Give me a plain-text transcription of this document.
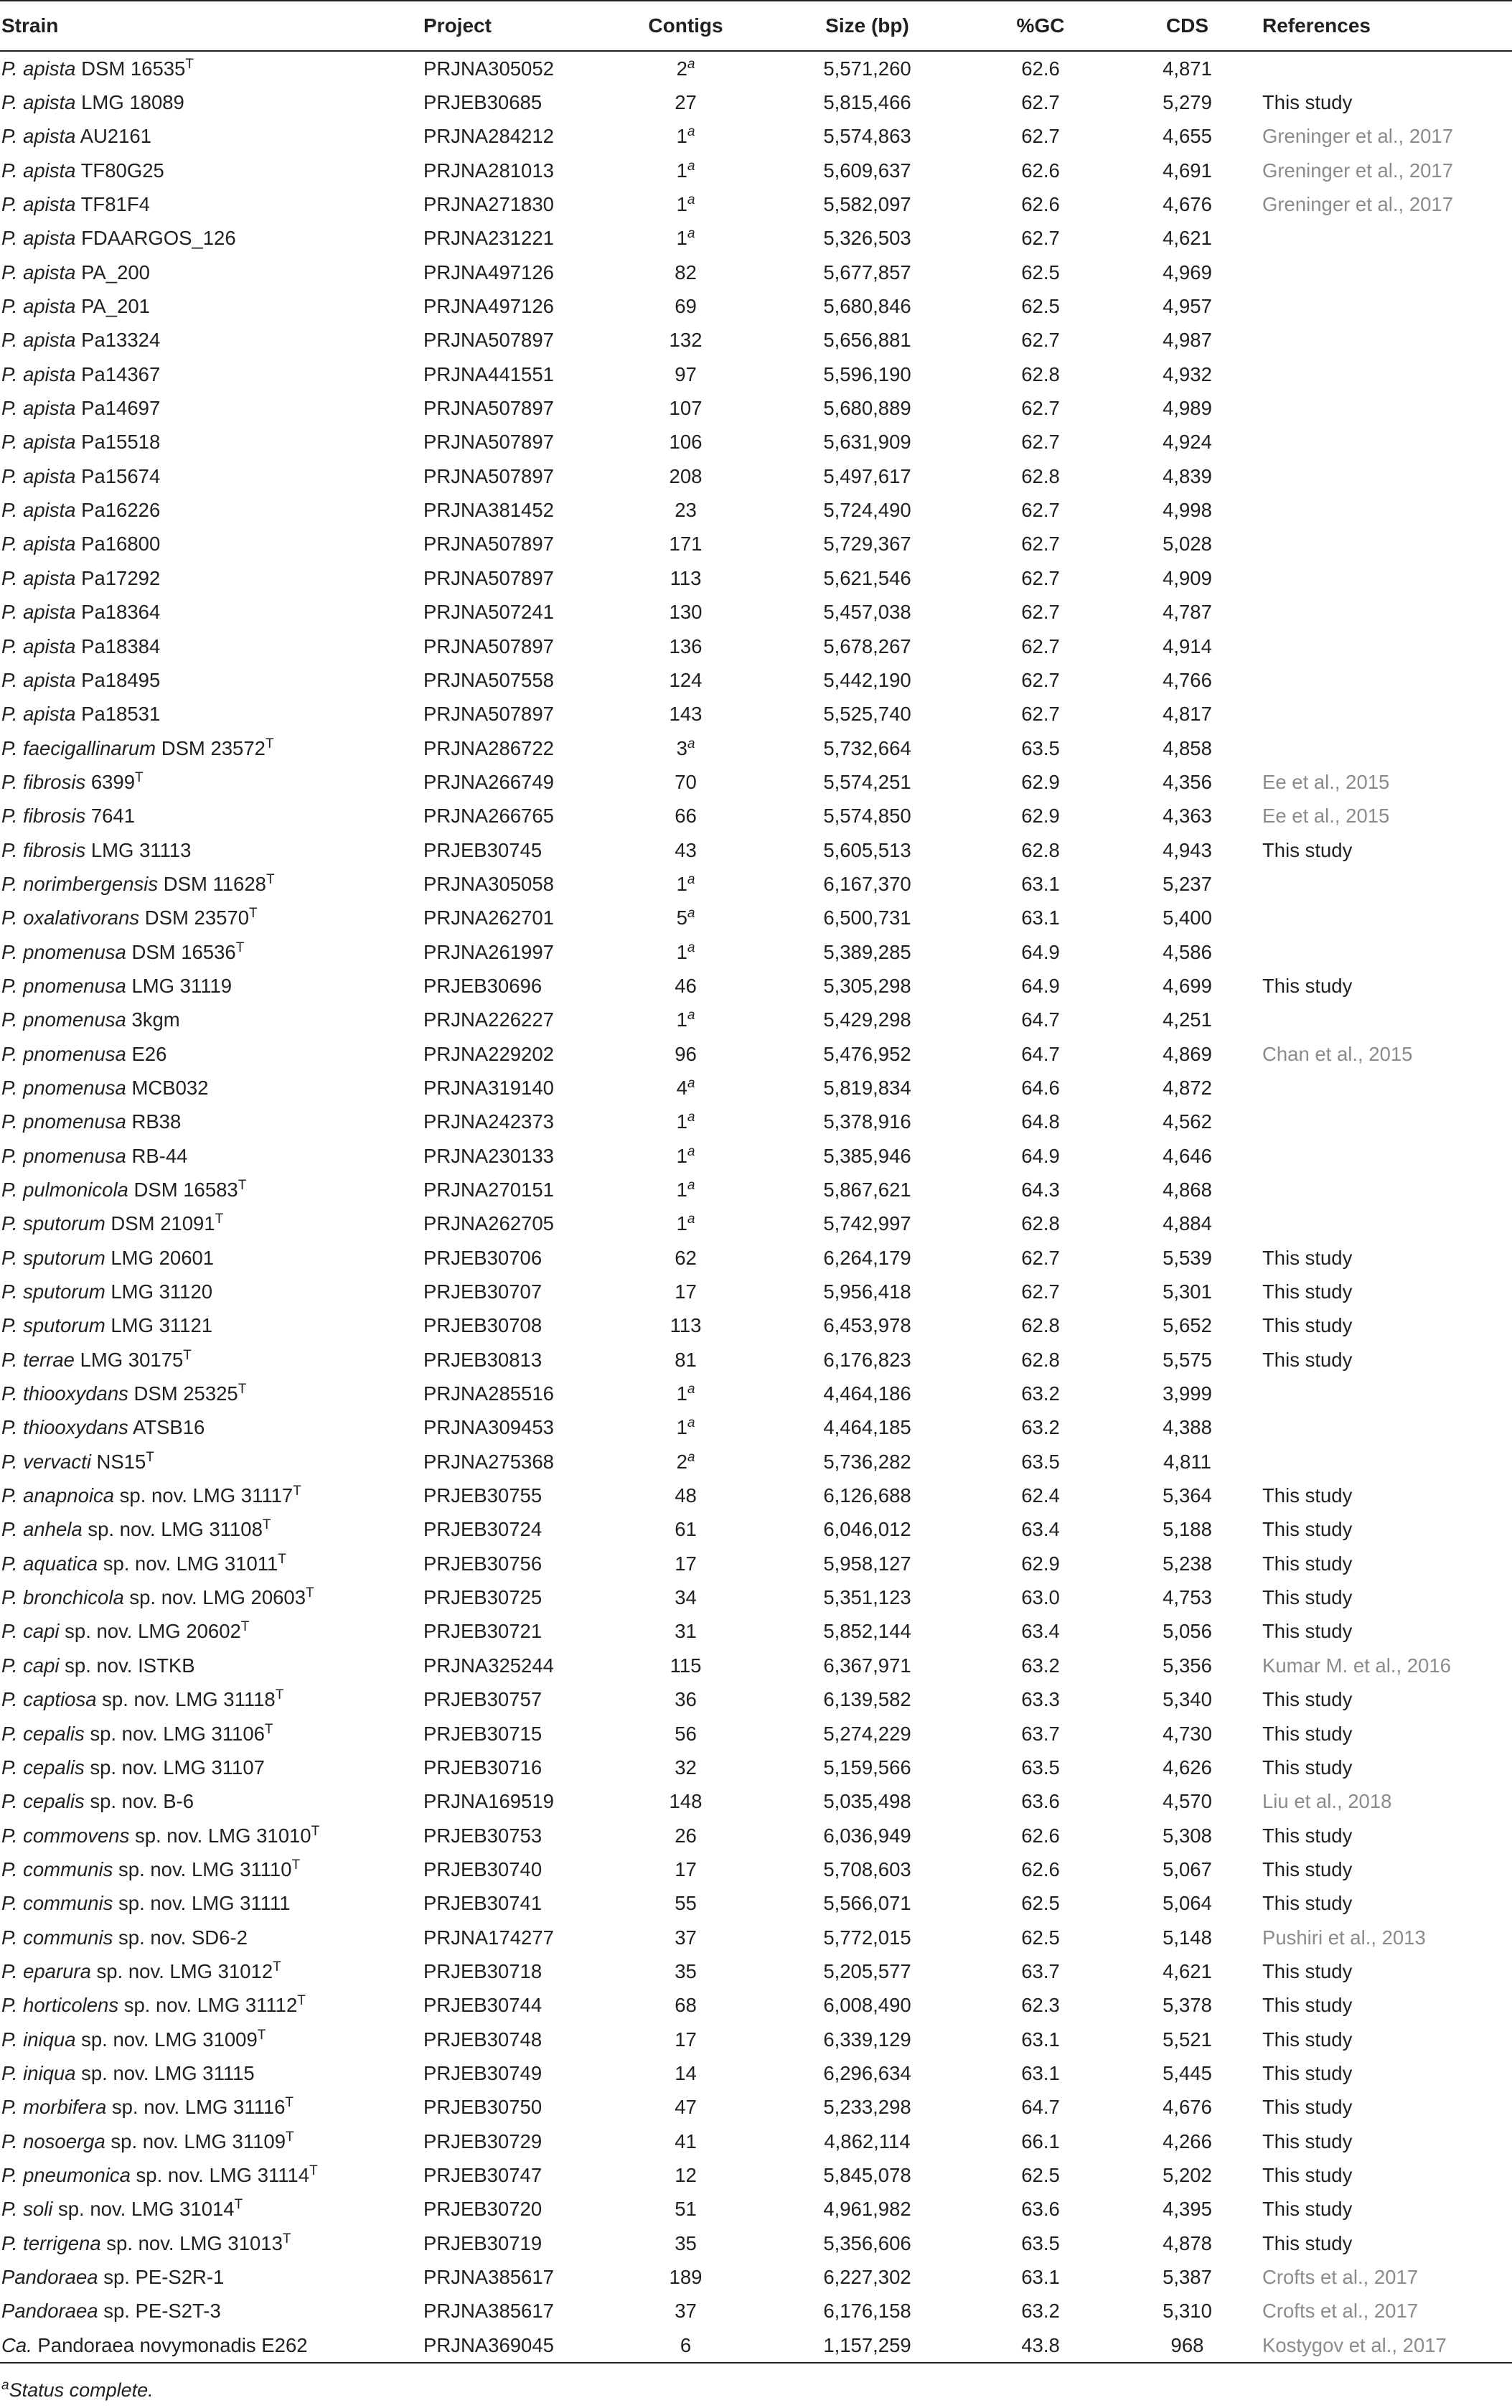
Strain	Project	Contigs	Size (bp)	%GC	CDS	References
P. apista DSM $16535^T$	PRJNA305052	2$^a$	5,571,260	62.6	4,871	
P. apista LMG 18089	PRJEB30685	27	5,815,466	62.7	5,279	This study
P. apista AU2161	PRJNA284212	1$^a$	5,574,863	62.7	4,655	Greninger et al., 2017
P. apista TF80G25	PRJNA281013	1$^a$	5,609,637	62.6	4,691	Greninger et al., 2017
P. apista TF81F4	PRJNA271830	1$^a$	5,582,097	62.6	4,676	Greninger et al., 2017
P. apista FDAARGOS_126	PRJNA231221	1$^a$	5,326,503	62.7	4,621	
P. apista PA_200	PRJNA497126	82	5,677,857	62.5	4,969	
P. apista PA_201	PRJNA497126	69	5,680,846	62.5	4,957	
P. apista Pa13324	PRJNA507897	132	5,656,881	62.7	4,987	
P. apista Pa14367	PRJNA441551	97	5,596,190	62.8	4,932	
P. apista Pa14697	PRJNA507897	107	5,680,889	62.7	4,989	
P. apista Pa15518	PRJNA507897	106	5,631,909	62.7	4,924	
P. apista Pa15674	PRJNA507897	208	5,497,617	62.8	4,839	
P. apista Pa16226	PRJNA381452	23	5,724,490	62.7	4,998	
P. apista Pa16800	PRJNA507897	171	5,729,367	62.7	5,028	
P. apista Pa17292	PRJNA507897	113	5,621,546	62.7	4,909	
P. apista Pa18364	PRJNA507241	130	5,457,038	62.7	4,787	
P. apista Pa18384	PRJNA507897	136	5,678,267	62.7	4,914	
P. apista Pa18495	PRJNA507558	124	5,442,190	62.7	4,766	
P. apista Pa18531	PRJNA507897	143	5,525,740	62.7	4,817	
P. faecigallinarum DSM $23572^T$	PRJNA286722	3$^a$	5,732,664	63.5	4,858	
P. fibrosis $6399^T$	PRJNA266749	70	5,574,251	62.9	4,356	Ee et al., 2015
P. fibrosis 7641	PRJNA266765	66	5,574,850	62.9	4,363	Ee et al., 2015
P. fibrosis LMG 31113	PRJEB30745	43	5,605,513	62.8	4,943	This study
P. norimbergensis DSM $11628^T$	PRJNA305058	1$^a$	6,167,370	63.1	5,237	
P. oxalativorans DSM $23570^T$	PRJNA262701	5$^a$	6,500,731	63.1	5,400	
P. pnomenusa DSM $16536^T$	PRJNA261997	1$^a$	5,389,285	64.9	4,586	
P. pnomenusa LMG 31119	PRJEB30696	46	5,305,298	64.9	4,699	This study
P. pnomenusa 3kgm	PRJNA226227	1$^a$	5,429,298	64.7	4,251	
P. pnomenusa E26	PRJNA229202	96	5,476,952	64.7	4,869	Chan et al., 2015
P. pnomenusa MCB032	PRJNA319140	4$^a$	5,819,834	64.6	4,872	
P. pnomenusa RB38	PRJNA242373	1$^a$	5,378,916	64.8	4,562	
P. pnomenusa RB-44	PRJNA230133	1$^a$	5,385,946	64.9	4,646	
P. pulmonicola DSM $16583^T$	PRJNA270151	1$^a$	5,867,621	64.3	4,868	
P. sputorum DSM $21091^T$	PRJNA262705	1$^a$	5,742,997	62.8	4,884	
P. sputorum LMG 20601	PRJEB30706	62	6,264,179	62.7	5,539	This study
P. sputorum LMG 31120	PRJEB30707	17	5,956,418	62.7	5,301	This study
P. sputorum LMG 31121	PRJEB30708	113	6,453,978	62.8	5,652	This study
P. terrae LMG $30175^T$	PRJEB30813	81	6,176,823	62.8	5,575	This study
P. thiooxydans DSM $25325^T$	PRJNA285516	1$^a$	4,464,186	63.2	3,999	
P. thiooxydans ATSB16	PRJNA309453	1$^a$	4,464,185	63.2	4,388	
P. vervacti $NS15^T$	PRJNA275368	2$^a$	5,736,282	63.5	4,811	
P. anapnoica sp. nov. LMG $31117^T$	PRJEB30755	48	6,126,688	62.4	5,364	This study
P. anhela sp. nov. LMG $31108^T$	PRJEB30724	61	6,046,012	63.4	5,188	This study
P. aquatica sp. nov. LMG $31011^T$	PRJEB30756	17	5,958,127	62.9	5,238	This study
P. bronchicola sp. nov. LMG $20603^T$	PRJEB30725	34	5,351,123	63.0	4,753	This study
P. capi sp. nov. LMG $20602^T$	PRJEB30721	31	5,852,144	63.4	5,056	This study
P. capi sp. nov. ISTKB	PRJNA325244	115	6,367,971	63.2	5,356	Kumar M. et al., 2016
P. captiosa sp. nov. LMG $31118^T$	PRJEB30757	36	6,139,582	63.3	5,340	This study
P. cepalis sp. nov. LMG $31106^T$	PRJEB30715	56	5,274,229	63.7	4,730	This study
P. cepalis sp. nov. LMG 31107	PRJEB30716	32	5,159,566	63.5	4,626	This study
P. cepalis sp. nov. B-6	PRJNA169519	148	5,035,498	63.6	4,570	Liu et al., 2018
P. commovens sp. nov. LMG $31010^T$	PRJEB30753	26	6,036,949	62.6	5,308	This study
P. communis sp. nov. LMG $31110^T$	PRJEB30740	17	5,708,603	62.6	5,067	This study
P. communis sp. nov. LMG 31111	PRJEB30741	55	5,566,071	62.5	5,064	This study
P. communis sp. nov. SD6-2	PRJNA174277	37	5,772,015	62.5	5,148	Pushiri et al., 2013
P. eparura sp. nov. LMG $31012^T$	PRJEB30718	35	5,205,577	63.7	4,621	This study
P. horticolens sp. nov. LMG $31112^T$	PRJEB30744	68	6,008,490	62.3	5,378	This study
P. iniqua sp. nov. LMG $31009^T$	PRJEB30748	17	6,339,129	63.1	5,521	This study
P. iniqua sp. nov. LMG 31115	PRJEB30749	14	6,296,634	63.1	5,445	This study
P. morbifera sp. nov. LMG $31116^T$	PRJEB30750	47	5,233,298	64.7	4,676	This study
P. nosoerga sp. nov. LMG $31109^T$	PRJEB30729	41	4,862,114	66.1	4,266	This study
P. pneumonica sp. nov. LMG $31114^T$	PRJEB30747	12	5,845,078	62.5	5,202	This study
P. soli sp. nov. LMG $31014^T$	PRJEB30720	51	4,961,982	63.6	4,395	This study
P. terrigena sp. nov. LMG $31013^T$	PRJEB30719	35	5,356,606	63.5	4,878	This study
Pandoraea sp. PE-S2R-1	PRJNA385617	189	6,227,302	63.1	5,387	Crofts et al., 2017
Pandoraea sp. PE-S2T-3	PRJNA385617	37	6,176,158	63.2	5,310	Crofts et al., 2017
Ca. Pandoraea novymonadis E262	PRJNA369045	6	1,157,259	43.8	968	Kostygov et al., 2017
$^a$Status complete.
